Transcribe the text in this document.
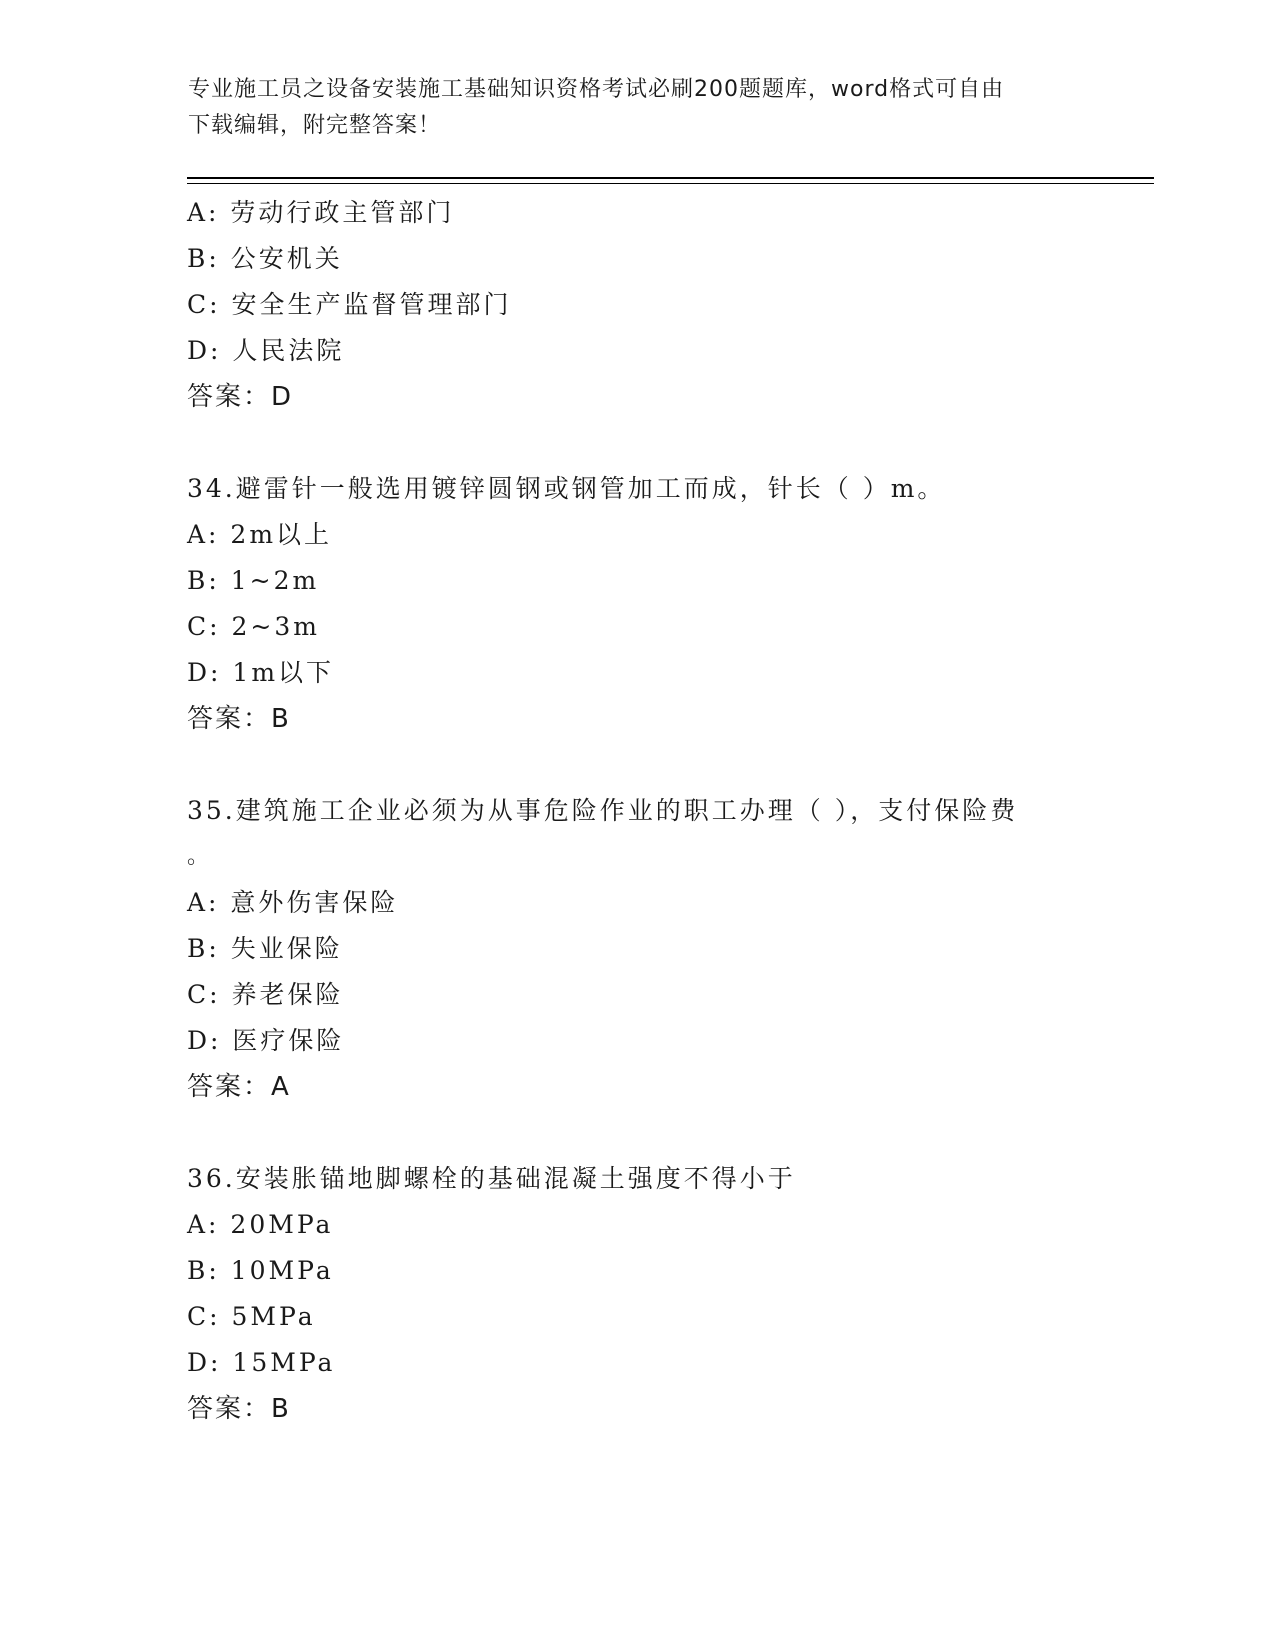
专业施工员之设备安装施工基础知识资格考试必刷200题题库，word格式可自由
下载编辑，附完整答案！
A: 劳动行政主管部门
B: 公安机关
C: 安全生产监督管理部门
D: 人民法院
答案：D
34.避雷针一般选用镀锌圆钢或钢管加工而成，针长（ ）m。
A: 2m以上
B: 1~2m
C: 2~3m
D: 1m以下
答案：B
35.建筑施工企业必须为从事危险作业的职工办理（ ），支付保险费
。
A: 意外伤害保险
B: 失业保险
C: 养老保险
D: 医疗保险
答案：A
36.安装胀锚地脚螺栓的基础混凝土强度不得小于
A: 20MPa
B: 10MPa
C: 5MPa
D: 15MPa
答案：B
